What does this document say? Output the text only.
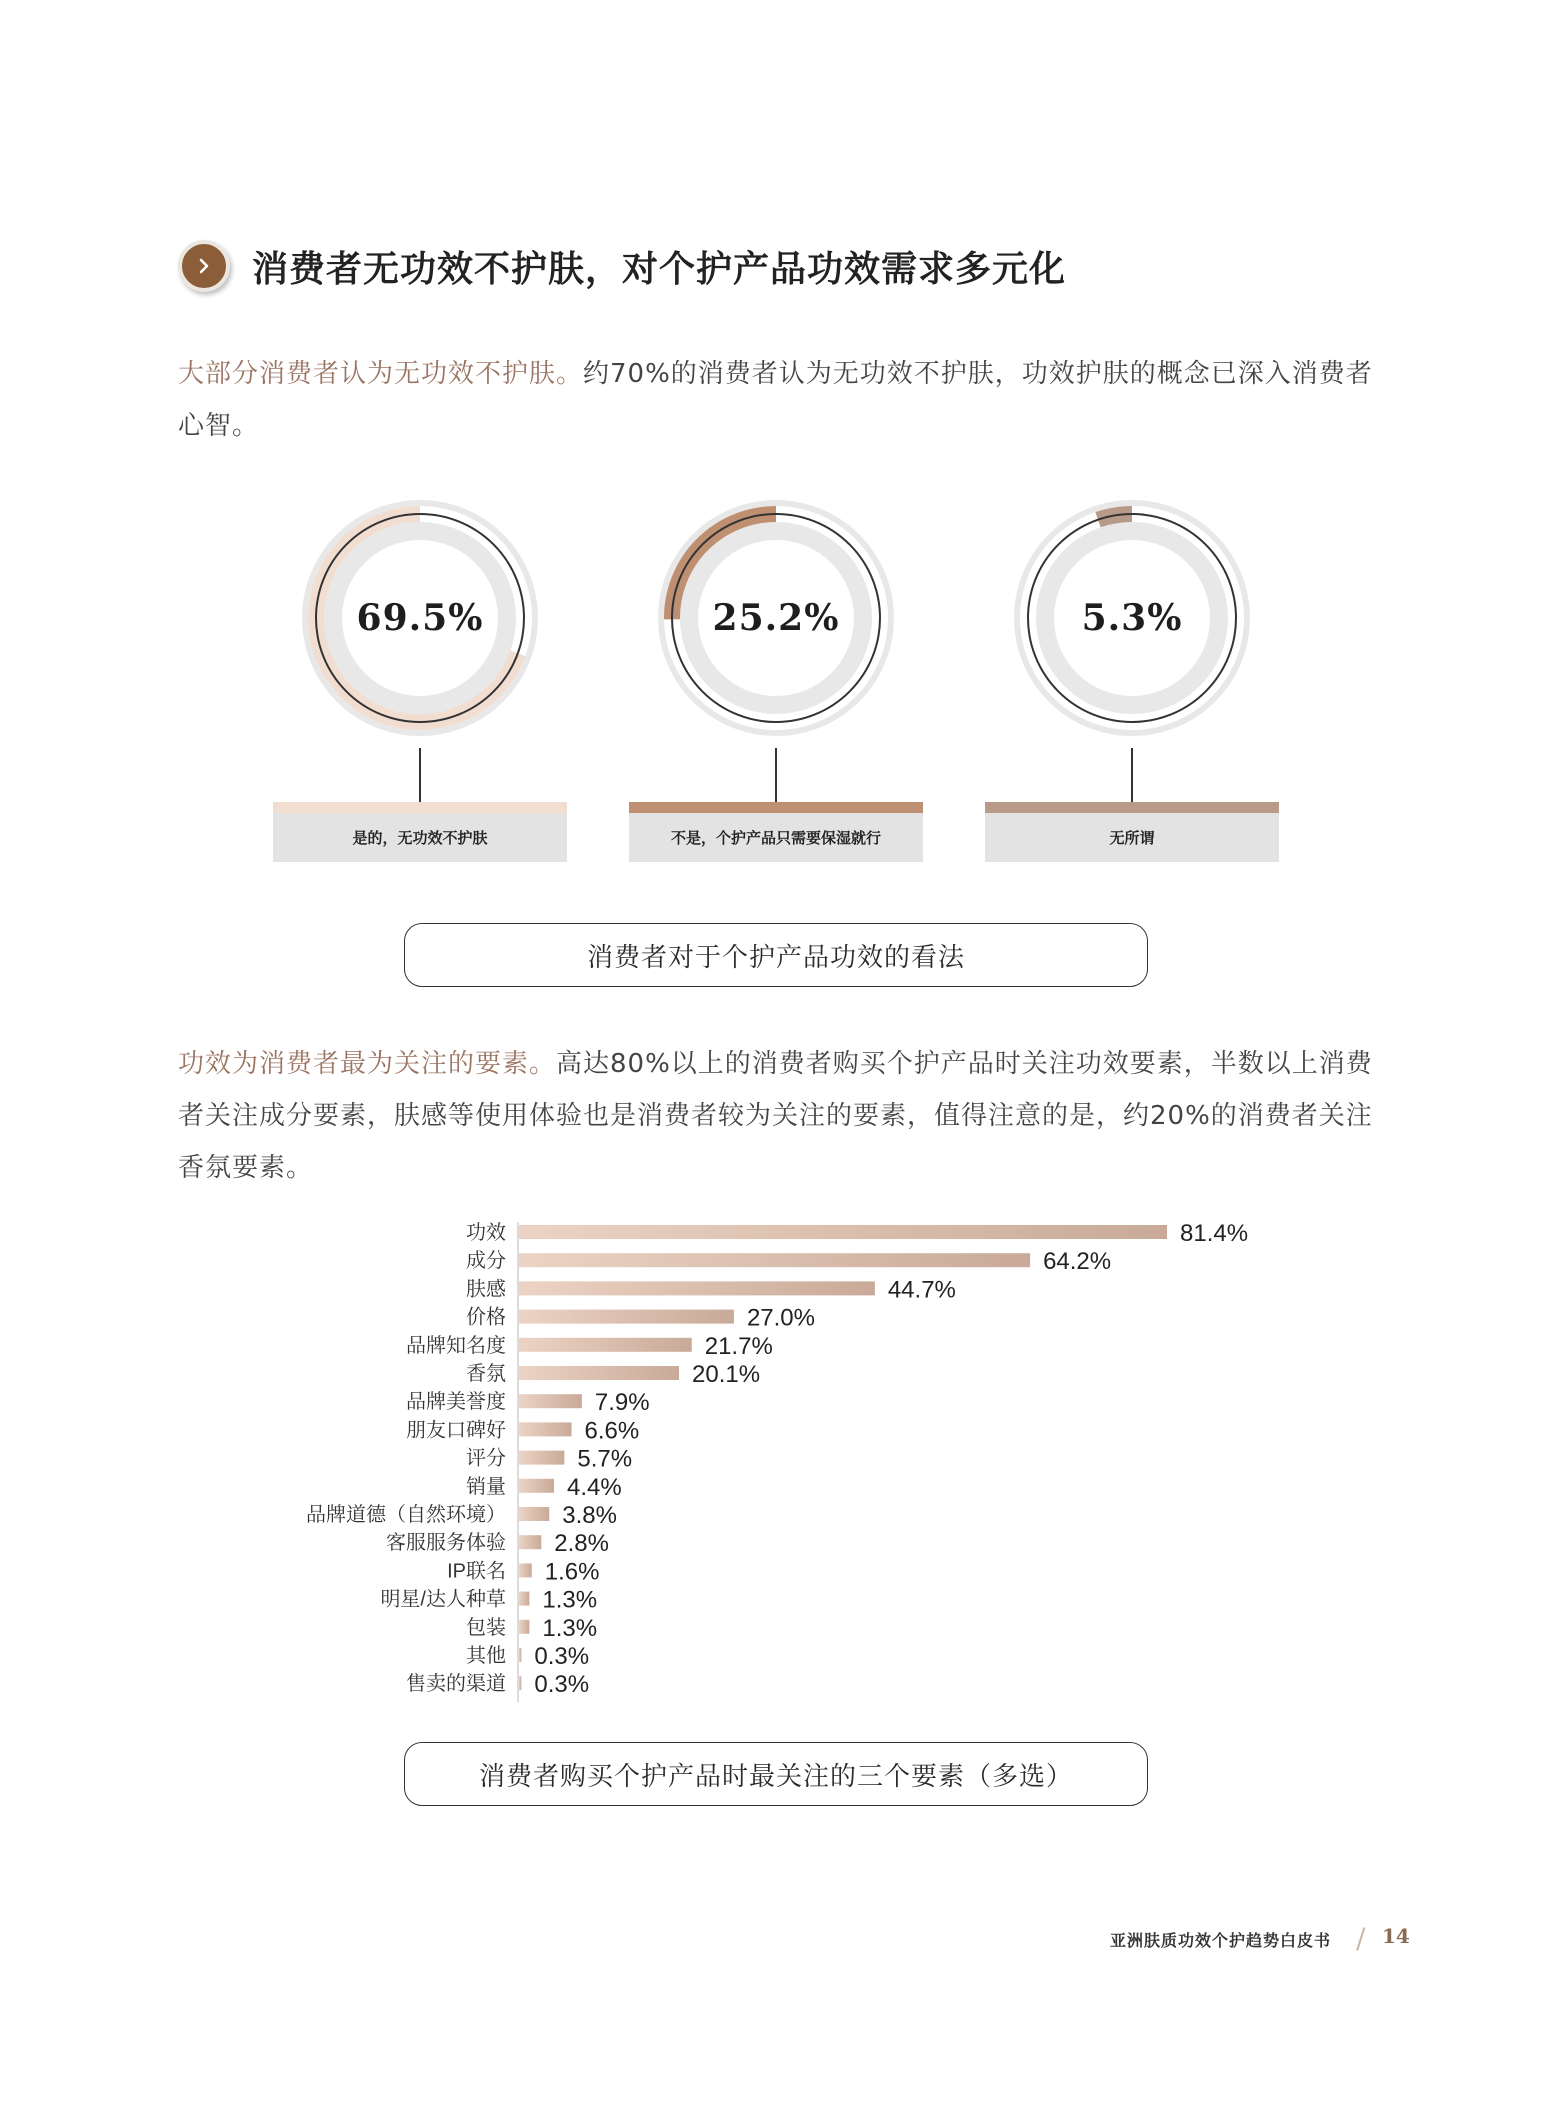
消费者无功效不护肤，对个护产品功效需求多元化

大部分消费者认为无功效不护肤。约70%的消费者认为无功效不护肤，功效护肤的概念已深入消费者心智。

69.5%
是的，无功效不护肤
25.2%
不是，个护产品只需要保湿就行
5.3%
无所谓
消费者对于个护产品功效的看法

功效为消费者最为关注的要素。高达80%以上的消费者购买个护产品时关注功效要素，半数以上消费者关注成分要素，肤感等使用体验也是消费者较为关注的要素，值得注意的是，约20%的消费者关注香氛要素。

功效	81.4%
成分	64.2%
肤感	44.7%
价格	27.0%
品牌知名度	21.7%
香氛	20.1%
品牌美誉度	7.9%
朋友口碑好	6.6%
评分	5.7%
销量	4.4%
品牌道德（自然环境） 3.8%
客服服务体验 2.8%
IP联名 1.6%
明星/达人种草 1.3%
包装 1.3%
其他 0.3%
售卖的渠道 0.3%
消费者购买个护产品时最关注的三个要素（多选）
亚洲肤质功效个护趋势白皮书 / 14
